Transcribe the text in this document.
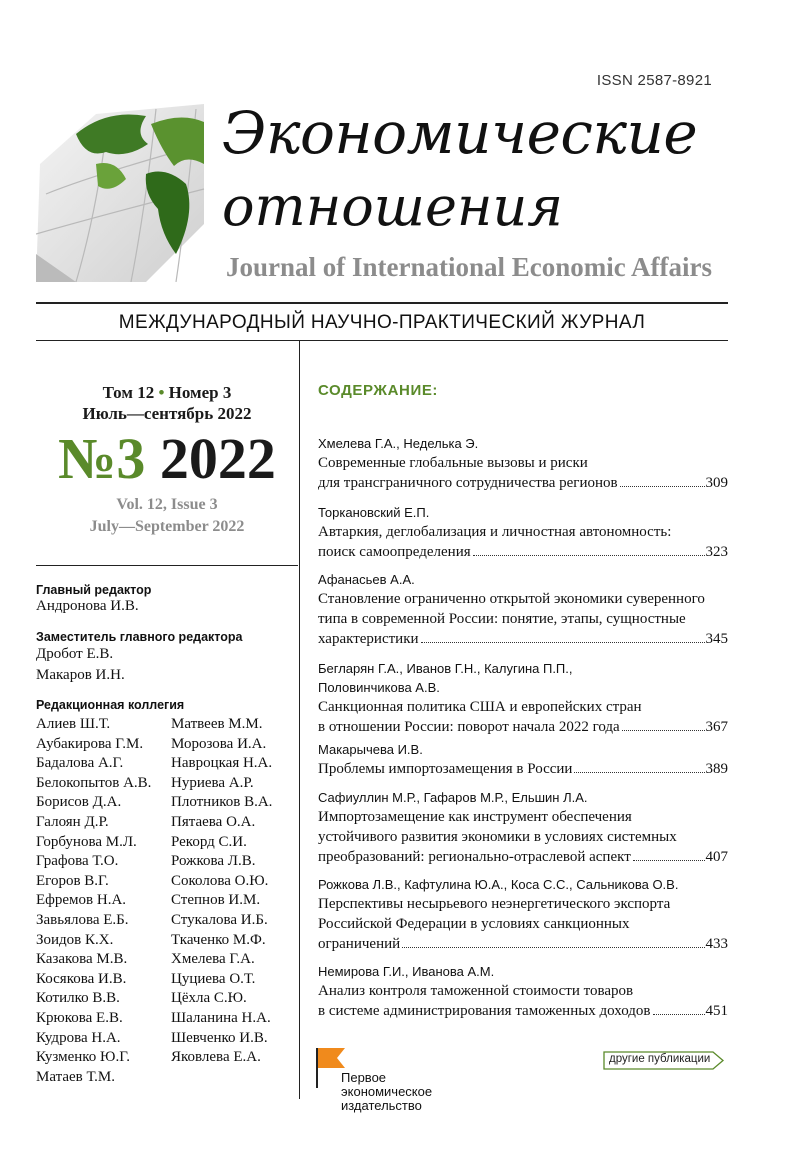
ISSN 2587-8921
Экономические
отношения
Journal of International Economic Affairs
МЕЖДУНАРОДНЫЙ НАУЧНО-ПРАКТИЧЕСКИЙ ЖУРНАЛ
Том 12 • Номер 3
Июль—сентябрь 2022
№3 2022
Vol. 12, Issue 3
July—September 2022
Главный редактор
Андронова И.В.
Заместитель главного редактора
Дробот Е.В.
Макаров И.Н.
Редакционная коллегия
Алиев Ш.Т.
Аубакирова Г.М.
Бадалова А.Г.
Белокопытов А.В.
Борисов Д.А.
Галоян Д.Р.
Горбунова М.Л.
Графова Т.О.
Егоров В.Г.
Ефремов Н.А.
Завьялова Е.Б.
Зоидов К.Х.
Казакова М.В.
Косякова И.В.
Котилко В.В.
Крюкова Е.В.
Кудрова Н.А.
Кузменко Ю.Г.
Матаев Т.М.
Матвеев М.М.
Морозова И.А.
Навроцкая Н.А.
Нуриева А.Р.
Плотников В.А.
Пятаева О.А.
Рекорд С.И.
Рожкова Л.В.
Соколова О.Ю.
Степнов И.М.
Стукалова И.Б.
Ткаченко М.Ф.
Хмелева Г.А.
Цуциева О.Т.
Цёхла С.Ю.
Шаланина Н.А.
Шевченко И.В.
Яковлева Е.А.
СОДЕРЖАНИЕ:
Хмелева Г.А., Неделька Э.
Современные глобальные вызовы и риски
для трансграничного сотрудничества регионов	309
Торкановский Е.П.
Автаркия, деглобализация и личностная автономность:
поиск самоопределения	323
Афанасьев А.А.
Становление ограниченно открытой экономики суверенного
типа в современной России: понятие, этапы, сущностные
характеристики	345
Бегларян Г.А., Иванов Г.Н., Калугина П.П.,
Половинчикова А.В.
Санкционная политика США и европейских стран
в отношении России: поворот начала 2022 года	367
Макарычева И.В.
Проблемы импортозамещения в России	389
Сафиуллин М.Р., Гафаров М.Р., Ельшин Л.А.
Импортозамещение как инструмент обеспечения
устойчивого развития экономики в условиях системных
преобразований: регионально-отраслевой аспект	407
Рожкова Л.В., Кафтулина Ю.А., Коса С.С., Сальникова О.В.
Перспективы несырьевого неэнергетического экспорта
Российской Федерации в условиях санкционных
ограничений	433
Немирова Г.И., Иванова А.М.
Анализ контроля таможенной стоимости товаров
в системе администрирования таможенных доходов	451
Первое
экономическое
издательство
другие публикации
